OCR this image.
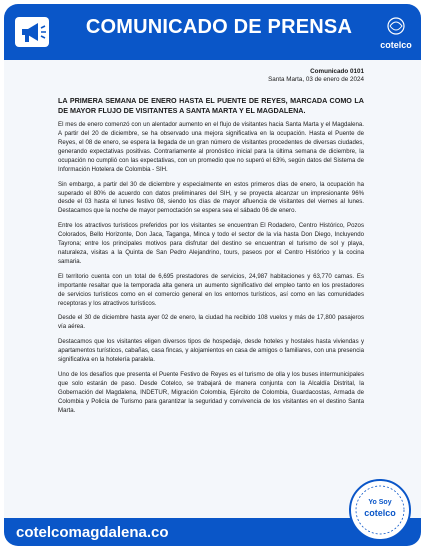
COMUNICADO DE PRENSA
cotelco
Comunicado 0101
Santa Marta, 03 de enero de 2024
LA PRIMERA SEMANA DE ENERO HASTA EL PUENTE DE REYES, MARCADA COMO LA DE MAYOR FLUJO DE VISITANTES A SANTA MARTA Y EL MAGDALENA.
El mes de enero comenzó con un alentador aumento en el flujo de visitantes hacia Santa Marta y el Magdalena. A partir del 20 de diciembre, se ha observado una mejora significativa en la ocupación. Hasta el Puente de Reyes, el 08 de enero, se espera la llegada de un gran número de visitantes procedentes de diversas ciudades, generando expectativas positivas. Contrariamente al pronóstico inicial para la última semana de diciembre, la ocupación no cumplió con las expectativas, con un promedio que no superó el 63%, según datos del Sistema de Información Hotelera de Colombia - SIH.
Sin embargo, a partir del 30 de diciembre y especialmente en estos primeros días de enero, la ocupación ha superado el 80% de acuerdo con datos preliminares del SIH, y se proyecta alcanzar un impresionante 96% desde el 03 hasta el lunes festivo 08, siendo los días de mayor afluencia de visitantes del viernes al lunes. Destacamos que la noche de mayor pernoctación se espera sea el sábado 06 de enero.
Entre los atractivos turísticos preferidos por los visitantes se encuentran El Rodadero, Centro Histórico, Pozos Colorados, Bello Horizonte, Don Jaca, Taganga, Minca y todo el sector de la vía hasta Don Diego, Incluyendo Tayrona; entre los principales motivos para disfrutar del destino se encuentran el turismo de sol y playa, naturaleza, visitas a la Quinta de San Pedro Alejandrino, tours, paseos por el Centro Histórico y la cocina samaria.
El territorio cuenta con un total de 6,695 prestadores de servicios, 24,987 habitaciones y 63,770 camas. Es importante resaltar que la temporada alta genera un aumento significativo del empleo tanto en los prestadores de servicios turísticos como en el comercio general en los entornos turísticos, así como en las comunidades receptoras y los atractivos turísticos.
Desde el 30 de diciembre hasta ayer 02 de enero, la ciudad ha recibido 108 vuelos y más de 17,800 pasajeros vía aérea.
Destacamos que los visitantes eligen diversos tipos de hospedaje, desde hoteles y hostales hasta viviendas y apartamentos turísticos, cabañas, casa fincas, y alojamientos en casa de amigos o familiares, con una presencia significativa en la hotelería paralela.
Uno de los desafíos que presenta el Puente Festivo de Reyes es el turismo de olla y los buses intermunicipales que solo estarán de paso. Desde Cotelco, se trabajará de manera conjunta con la Alcaldía Distrital, la Gobernación del Magdalena, INDETUR, Migración Colombia, Ejército de Colombia, Guardacostas, Armada de Colombia y Policía de Turismo para garantizar la seguridad y convivencia de los visitantes en el destino Santa Marta.
cotelcomagdalena.co
Yo Soy
cotelco
